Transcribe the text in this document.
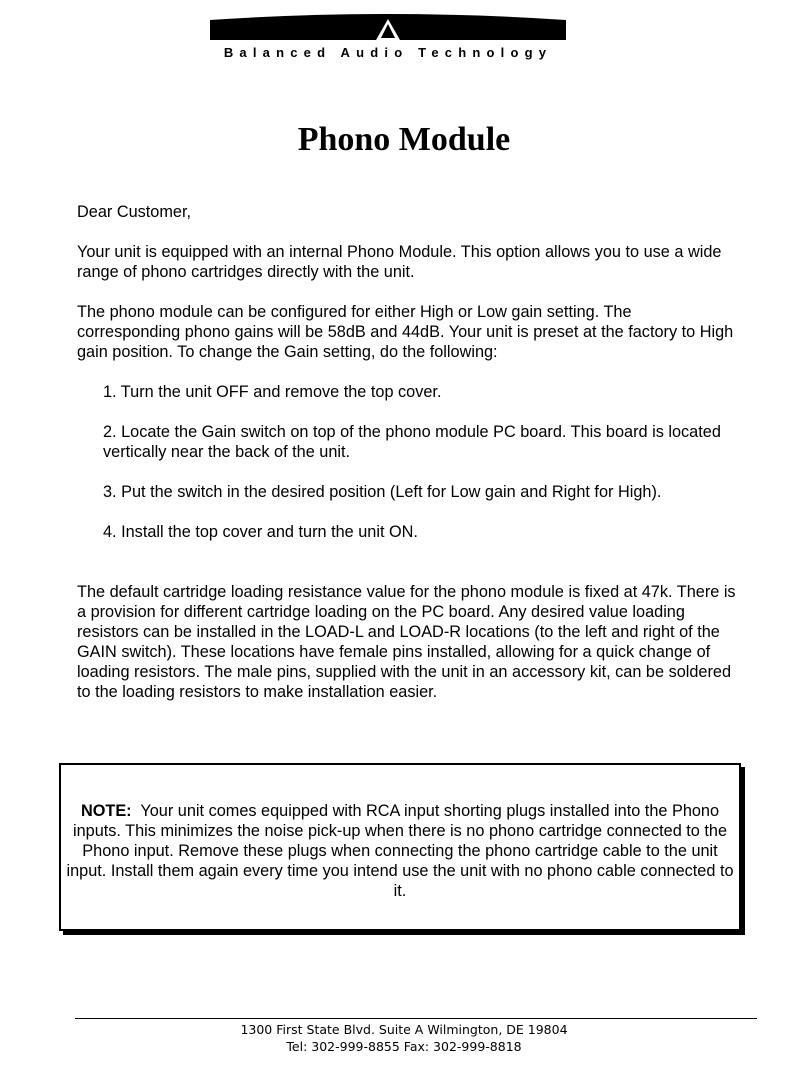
Balanced Audio Technology
Phono Module

Dear Customer,

Your unit is equipped with an internal Phono Module. This option allows you to use a wide range of phono cartridges directly with the unit.

The phono module can be configured for either High or Low gain setting. The corresponding phono gains will be 58dB and 44dB. Your unit is preset at the factory to High gain position. To change the Gain setting, do the following:

1. Turn the unit OFF and remove the top cover.
2. Locate the Gain switch on top of the phono module PC board. This board is located vertically near the back of the unit.
3. Put the switch in the desired position (Left for Low gain and Right for High).
4. Install the top cover and turn the unit ON.

The default cartridge loading resistance value for the phono module is fixed at 47k. There is a provision for different cartridge loading on the PC board. Any desired value loading resistors can be installed in the LOAD-L and LOAD-R locations (to the left and right of the GAIN switch). These locations have female pins installed, allowing for a quick change of loading resistors. The male pins, supplied with the unit in an accessory kit, can be soldered to the loading resistors to make installation easier.

NOTE: Your unit comes equipped with RCA input shorting plugs installed into the Phono inputs. This minimizes the noise pick-up when there is no phono cartridge connected to the Phono input. Remove these plugs when connecting the phono cartridge cable to the unit input. Install them again every time you intend use the unit with no phono cable connected to it.
1300 First State Blvd. Suite A Wilmington, DE 19804
Tel: 302-999-8855 Fax: 302-999-8818
